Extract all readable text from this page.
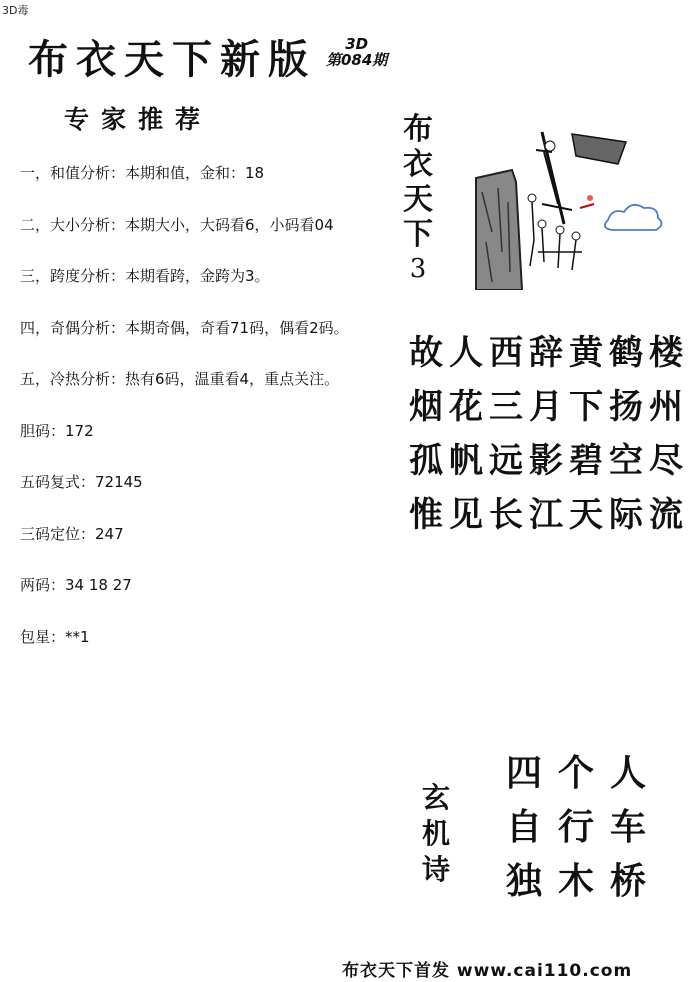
3D毒
布衣天下新版	3D
第084期
专家推荐
一，和值分析：本期和值，金和：18
二，大小分析：本期大小，大码看6，小码看04
三，跨度分析：本期看跨，金跨为3。
四，奇偶分析：本期奇偶，奇看71码，偶看2码。
五，冷热分析：热有6码，温重看4，重点关注。
胆码：172
五码复式：72145
三码定位：247
两码：34 18 27
包星：**1
布
衣
天
下
3
故 人 西 辞 黄 鹤 楼
烟 花 三 月 下 扬 州
孤 帆 远 影 碧 空 尽
惟 见 长 江 天 际 流
玄
机
诗
四 个 人
自 行 车
独 木 桥
布衣天下首发 www.cai110.com
